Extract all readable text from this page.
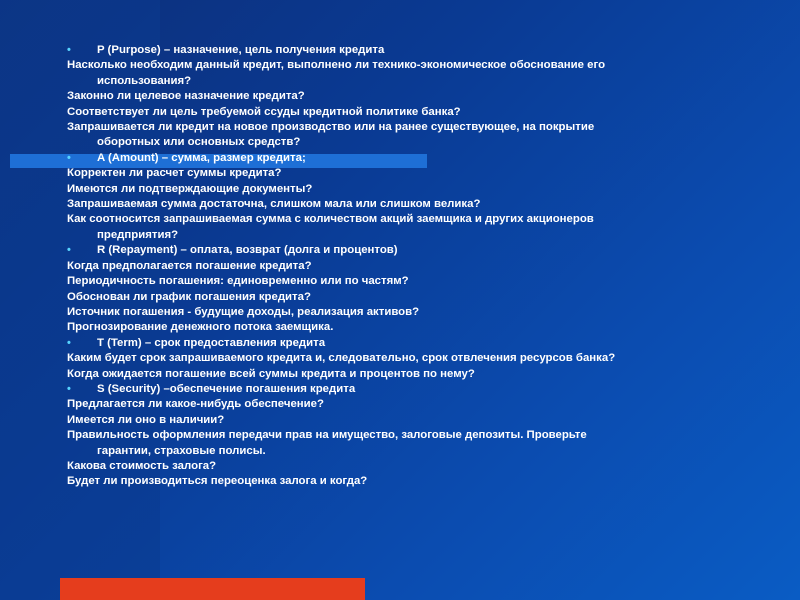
• P (Purpose) – назначение, цель получения кредита
Насколько необходим данный кредит, выполнено ли технико-экономическое обоснование его
использования?
Законно ли целевое назначение кредита?
Соответствует ли цель требуемой ссуды кредитной политике банка?
Запрашивается ли кредит на новое производство или на ранее существующее, на покрытие
оборотных или основных средств?
• A (Amount) – сумма, размер кредита;
Корректен ли расчет суммы кредита?
Имеются ли подтверждающие документы?
Запрашиваемая сумма достаточна, слишком мала или слишком велика?
Как соотносится запрашиваемая сумма с количеством акций заемщика и других акционеров
предприятия?
• R (Repayment) – оплата, возврат (долга и процентов)
Когда предполагается погашение кредита?
Периодичность погашения: единовременно или по частям?
Обоснован ли график погашения кредита?
Источник погашения - будущие доходы, реализация активов?
Прогнозирование денежного потока заемщика.
• T (Term) – срок предоставления кредита
Каким будет срок запрашиваемого кредита и, следовательно, срок отвлечения ресурсов банка?
Когда ожидается погашение всей суммы кредита и процентов по нему?
• S (Security) –обеспечение погашения кредита
Предлагается ли какое-нибудь обеспечение?
Имеется ли оно в наличии?
Правильность оформления передачи прав на имущество, залоговые депозиты. Проверьте
гарантии, страховые полисы.
Какова стоимость залога?
Будет ли производиться переоценка залога и когда?
